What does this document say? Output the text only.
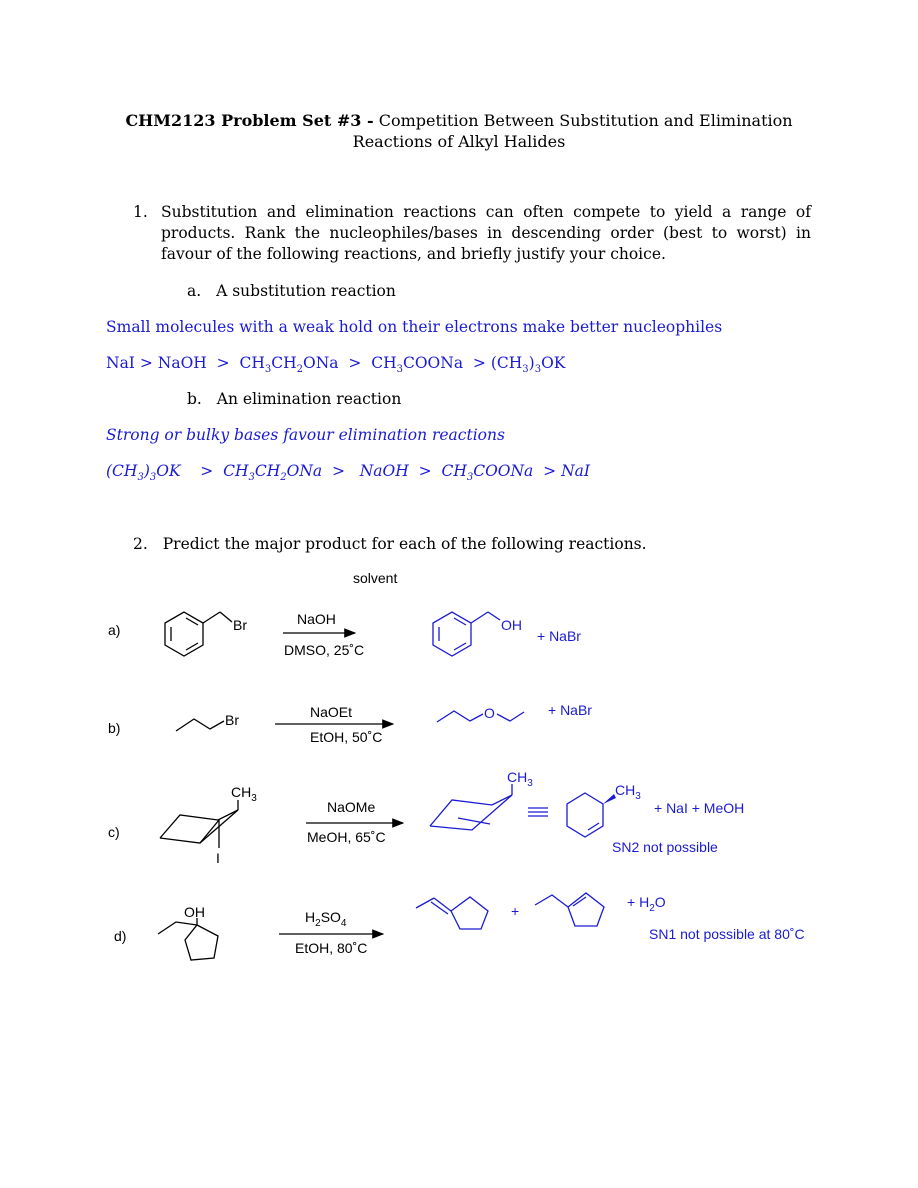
CHM2123 Problem Set #3 - Competition Between Substitution and Elimination Reactions of Alkyl Halides
1. Substitution and elimination reactions can often compete to yield a range of products. Rank the nucleophiles/bases in descending order (best to worst) in favour of the following reactions, and briefly justify your choice.
a. A substitution reaction
Small molecules with a weak hold on their electrons make better nucleophiles
NaI > NaOH  >  $CH_3CH_2ONa$  >  $CH_3COONa > (CH_3)_3OK$
b. An elimination reaction
Strong or bulky bases favour elimination reactions
$(CH_3)_3OK$    >  $CH_3CH_2ONa$  >   NaOH  >  $CH_3COONa$  > NaI
2. Predict the major product for each of the following reactions.
solvent
a)	Br	NaOH
DMSO, 25˚C
OH
+ NaBr
b)	Br	NaOEt
EtOH, 50˚C
O	+ NaBr
c)
$CH_3$
I
NaOMe
MeOH, 65˚C
$CH_3$	$CH_3$
+ NaI + MeOH
SN2 not possible
d)
OH	$H_2SO_4$
EtOH, 80˚C
+
+ $H_2O$
SN1 not possible at 80˚C
